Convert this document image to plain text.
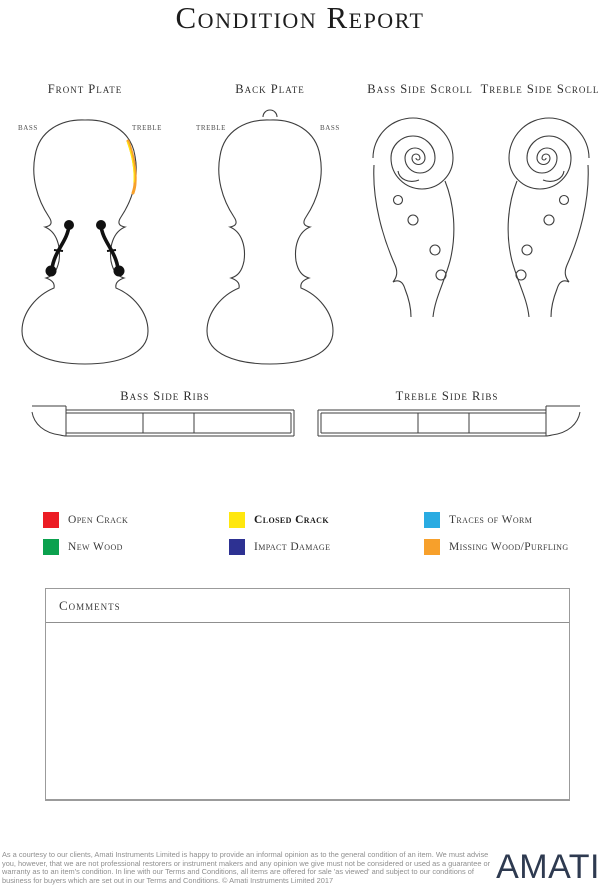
Condition Report
Front Plate	Back Plate	Bass Side Scroll Treble Side Scroll
BASS	TREBLE	TREBLE	BASS
Bass Side Ribs	Treble Side Ribs
Open Crack	Closed Crack	Traces of Worm
New Wood	Impact Damage	Missing Wood/Purfling
Comments

As a courtesy to our clients, Amati Instruments Limited is happy to provide an informal opinion as to the general condition of an item. We must advise you, however, that we are not professional restorers or instrument makers and any opinion we give must not be considered or used as a guarantee or warranty as to an item's condition. In line with our Terms and Conditions, all items are offered for sale 'as viewed' and subject to our conditions of business for buyers which are set out in our Terms and Conditions. © Amati Instruments Limited 2017	AMATI
